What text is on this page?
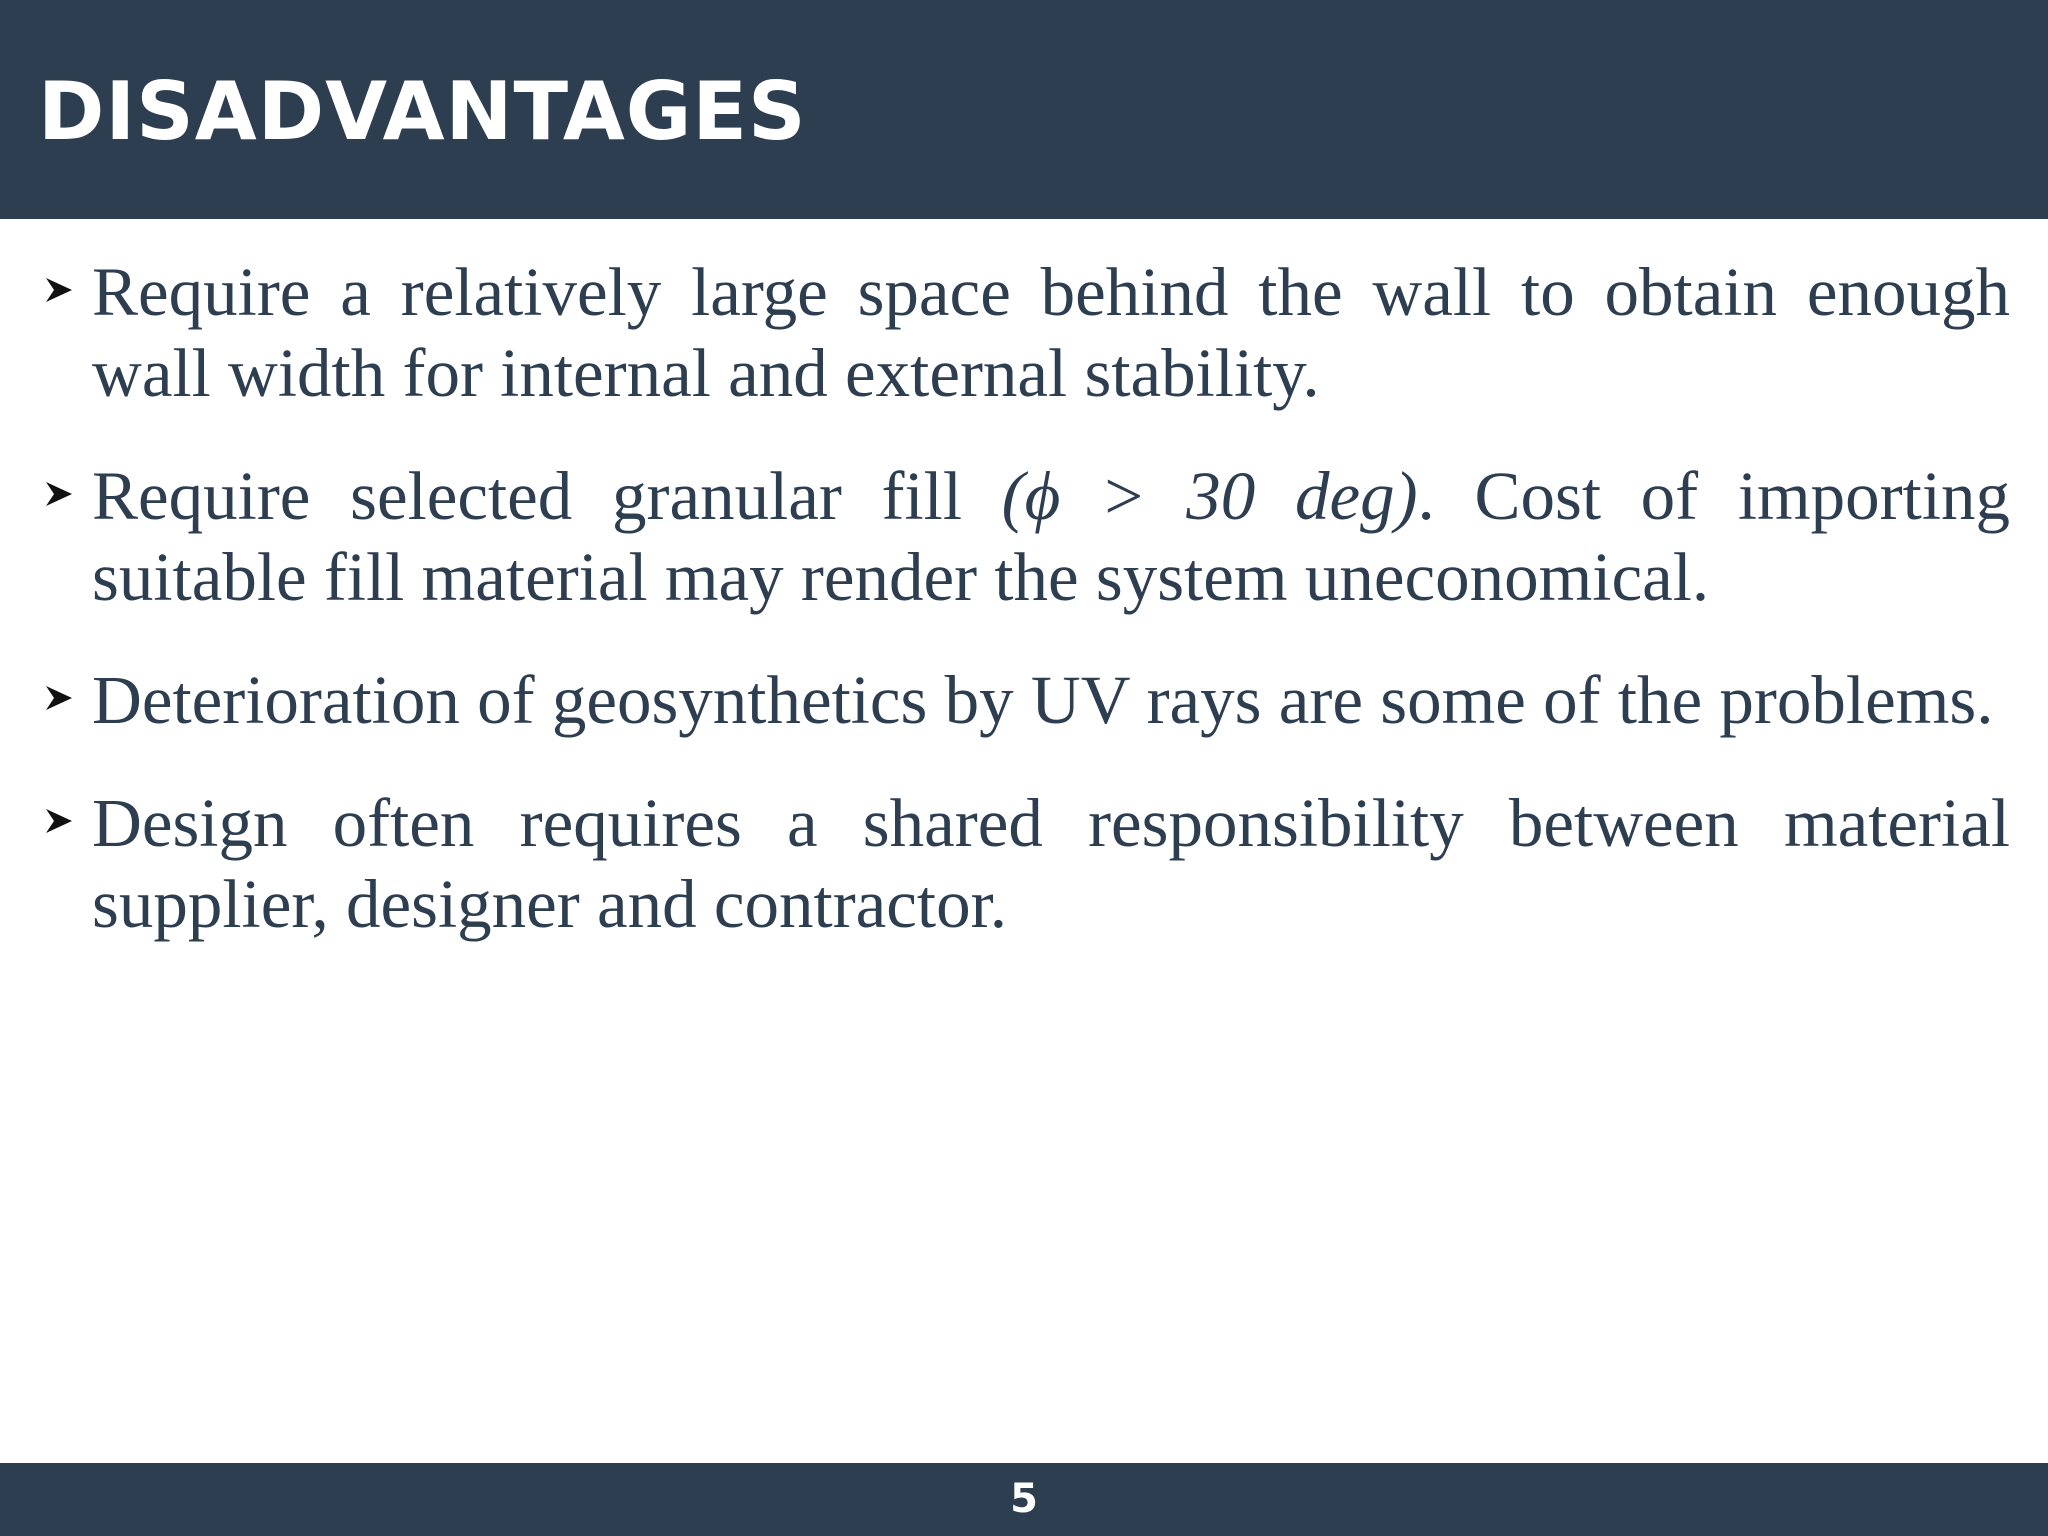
DISADVANTAGES
Require a relatively large space behind the wall to obtain enough wall width for internal and external stability.
Require selected granular fill (ϕ > 30 deg). Cost of importing suitable fill material may render the system uneconomical.
Deterioration of geosynthetics by UV rays are some of the problems.
Design often requires a shared responsibility between material supplier, designer and contractor.
5
